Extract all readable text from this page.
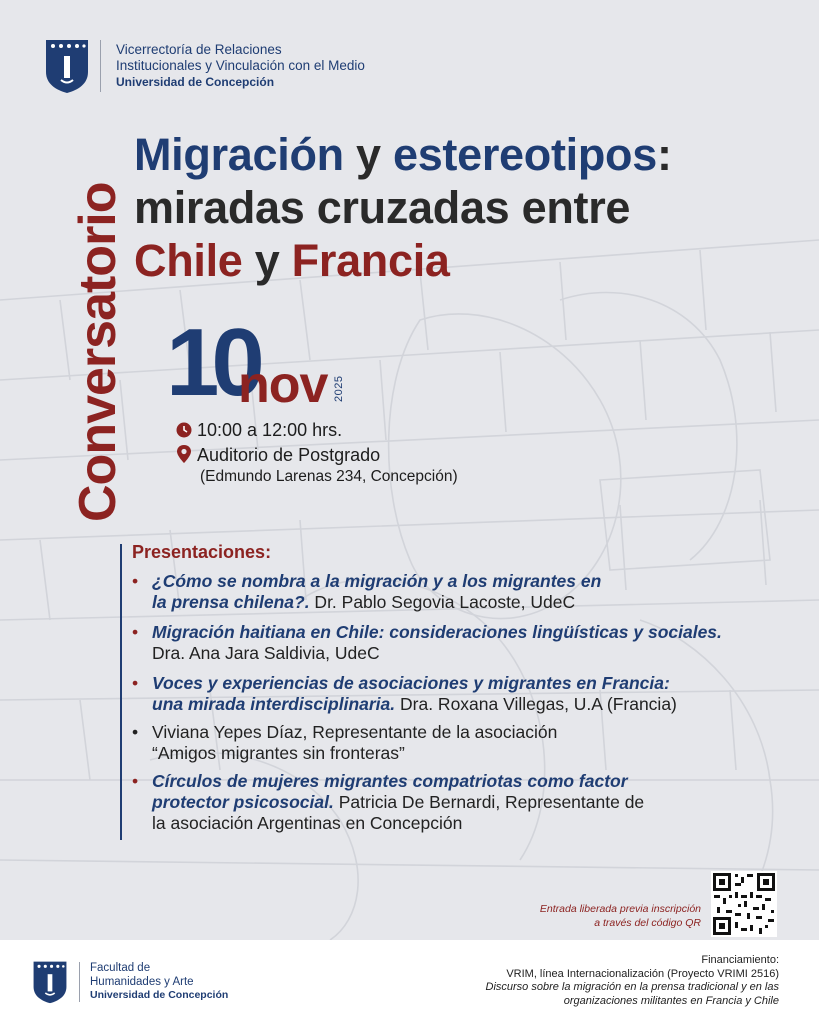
Vicerrectoría de Relaciones
Institucionales y Vinculación con el Medio
Universidad de Concepción
Conversatorio
Migración y estereotipos:
miradas cruzadas entre
Chile y Francia
10
nov 2025
10:00 a 12:00 hrs.
Auditorio de Postgrado
(Edmundo Larenas 234, Concepción)
Presentaciones:
• ¿Cómo se nombra a la migración y a los migrantes en
la prensa chilena?. Dr. Pablo Segovia Lacoste, UdeC
• Migración haitiana en Chile: consideraciones lingüísticas y sociales.
Dra. Ana Jara Saldivia, UdeC
• Voces y experiencias de asociaciones y migrantes en Francia:
una mirada interdisciplinaria. Dra. Roxana Villegas, U.A (Francia)
• Viviana Yepes Díaz, Representante de la asociación
“Amigos migrantes sin fronteras”
• Círculos de mujeres migrantes compatriotas como factor
protector psicosocial. Patricia De Bernardi, Representante de
la asociación Argentinas en Concepción
Entrada liberada previa inscripción
a través del código QR
Facultad de
Humanidades y Arte
Universidad de Concepción
Financiamiento:
VRIM, línea Internacionalización (Proyecto VRIMI 2516)
Discurso sobre la migración en la prensa tradicional y en las
organizaciones militantes en Francia y Chile
